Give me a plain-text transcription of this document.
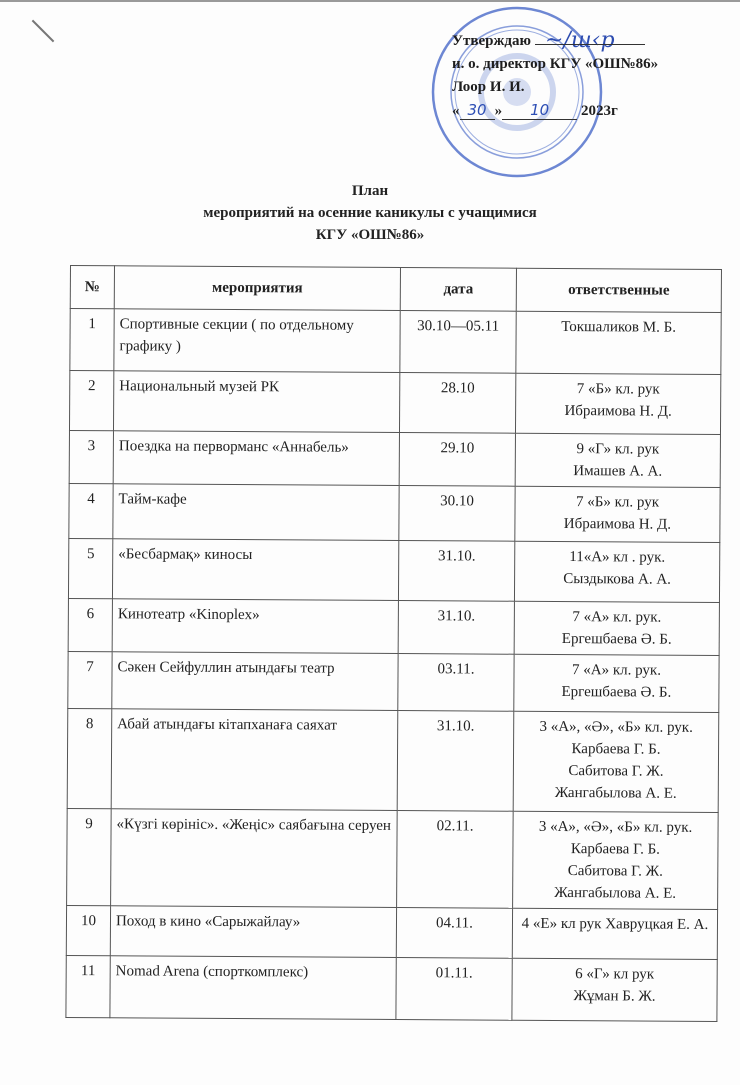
~/ш‹р
Утверждаю
и. о. директор КГУ «ОШ№86»
Лоор И. И.
« 30 » 10 2023г
План
мероприятий на осенние каникулы с учащимися
КГУ «ОШ№86»
№	мероприятия	дата	ответственные
1	Спортивные секции ( по отдельному графику )	30.10—05.11	Токшаликов М. Б.

2	Национальный музей РК	28.10	7 «Б» кл. рук
Ибраимова Н. Д.

3	Поездка на перворманс «Аннабель»	29.10	9 «Г» кл. рук
Имашев А. А.

4	Тайм-кафе	30.10	7 «Б» кл. рук
Ибраимова Н. Д.

5	«Бесбармақ» киносы	31.10.	11«А» кл . рук.
Сыздыкова А. А.

6	Кинотеатр «Kinoplex»	31.10.	7 «А» кл. рук.
Ергешбаева Ә. Б.

7	Сәкен Сейфуллин атындағы театр	03.11.	7 «А» кл. рук.
Ергешбаева Ә. Б.

8	Абай атындағы кітапханаға саяхат	31.10.	3 «А», «Ә», «Б» кл. рук.
Карбаева Г. Б.
Сабитова Г. Ж.
Жангабылова А. Е.

9	«Күзгі көрініс». «Жеңіс» саябағына серуен	02.11.	3 «А», «Ә», «Б» кл. рук.
Карбаева Г. Б.
Сабитова Г. Ж.
Жангабылова А. Е.

10	Поход в кино «Сарыжайлау»	04.11.	4 «Е» кл рук Хавруцкая Е. А.

11	Nomad Arena (спорткомплекс)	01.11.	6 «Г» кл рук
Жұман Б. Ж.
